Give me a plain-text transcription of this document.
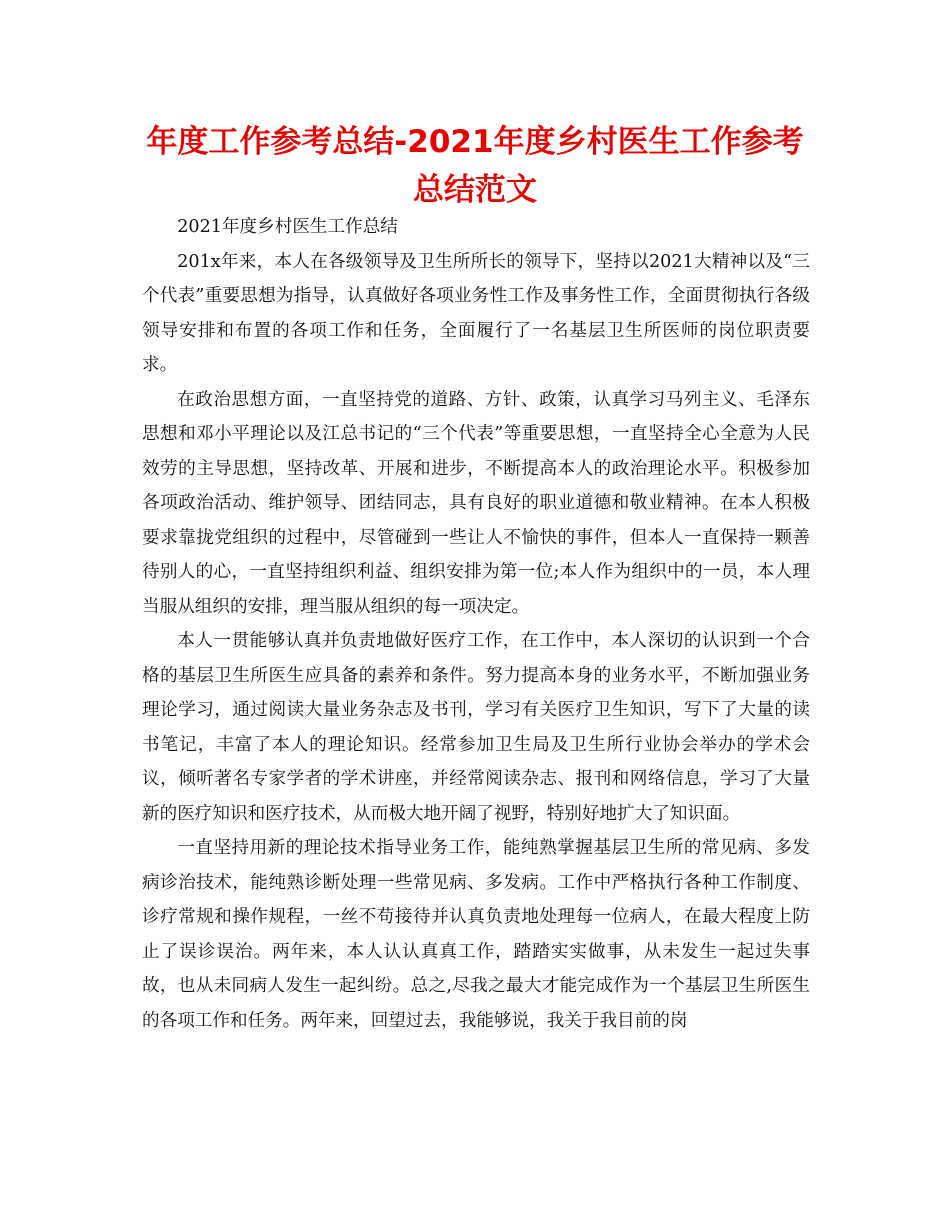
年度工作参考总结-2021年度乡村医生工作参考总结范文

2021年度乡村医生工作总结

201x年来，本人在各级领导及卫生所所长的领导下，坚持以2021大精神以及“三个代表”重要思想为指导，认真做好各项业务性工作及事务性工作，全面贯彻执行各级领导安排和布置的各项工作和任务，全面履行了一名基层卫生所医师的岗位职责要求。

在政治思想方面，一直坚持党的道路、方针、政策，认真学习马列主义、毛泽东思想和邓小平理论以及江总书记的“三个代表”等重要思想，一直坚持全心全意为人民效劳的主导思想，坚持改革、开展和进步，不断提高本人的政治理论水平。积极参加各项政治活动、维护领导、团结同志，具有良好的职业道德和敬业精神。在本人积极要求靠拢党组织的过程中，尽管碰到一些让人不愉快的事件，但本人一直保持一颗善待别人的心，一直坚持组织利益、组织安排为第一位;本人作为组织中的一员，本人理当服从组织的安排，理当服从组织的每一项决定。

本人一贯能够认真并负责地做好医疗工作，在工作中，本人深切的认识到一个合格的基层卫生所医生应具备的素养和条件。努力提高本身的业务水平，不断加强业务理论学习，通过阅读大量业务杂志及书刊，学习有关医疗卫生知识，写下了大量的读书笔记，丰富了本人的理论知识。经常参加卫生局及卫生所行业协会举办的学术会议，倾听著名专家学者的学术讲座，并经常阅读杂志、报刊和网络信息，学习了大量新的医疗知识和医疗技术，从而极大地开阔了视野，特别好地扩大了知识面。

一直坚持用新的理论技术指导业务工作，能纯熟掌握基层卫生所的常见病、多发病诊治技术，能纯熟诊断处理一些常见病、多发病。工作中严格执行各种工作制度、诊疗常规和操作规程，一丝不苟接待并认真负责地处理每一位病人，在最大程度上防止了误诊误治。两年来，本人认认真真工作，踏踏实实做事，从未发生一起过失事故，也从未同病人发生一起纠纷。总之,尽我之最大才能完成作为一个基层卫生所医生的各项工作和任务。两年来，回望过去，我能够说，我关于我目前的岗
